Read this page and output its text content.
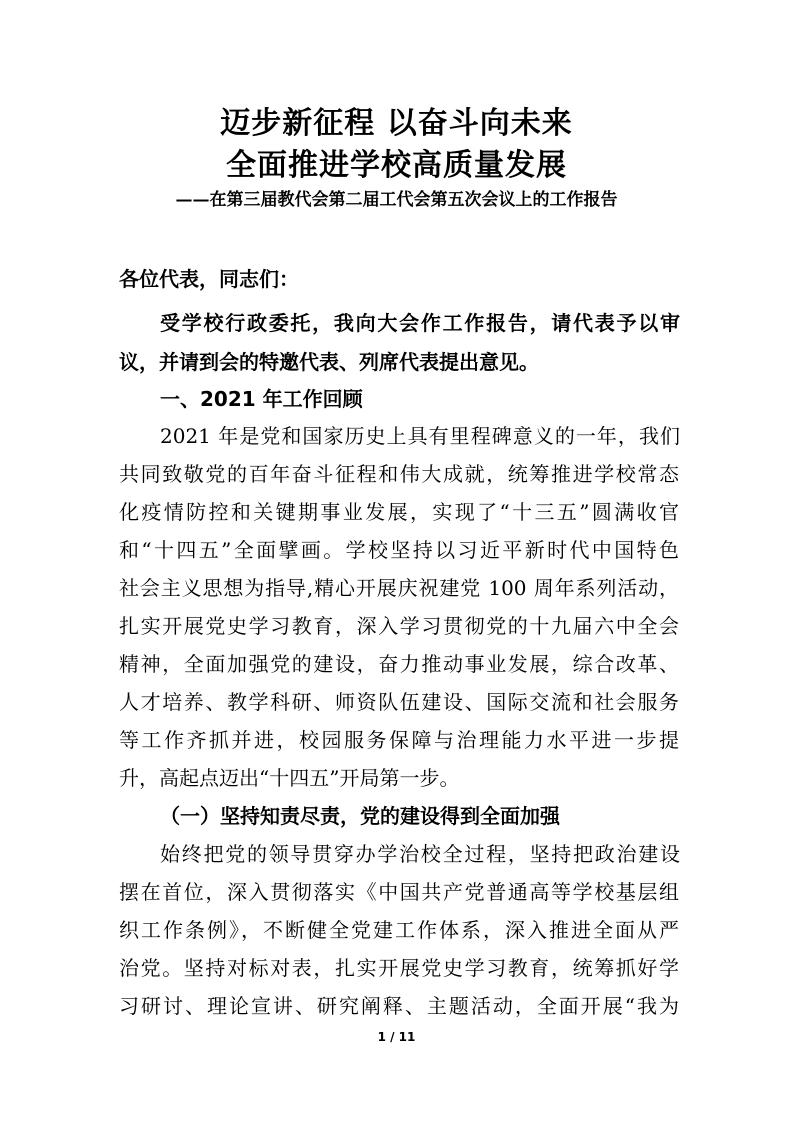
迈步新征程 以奋斗向未来
全面推进学校高质量发展
——在第三届教代会第二届工代会第五次会议上的工作报告
各位代表，同志们：
受学校行政委托，我向大会作工作报告，请代表予以审
议，并请到会的特邀代表、列席代表提出意见。
一、2021 年工作回顾
2021 年是党和国家历史上具有里程碑意义的一年，我们
共同致敬党的百年奋斗征程和伟大成就，统筹推进学校常态
化疫情防控和关键期事业发展，实现了“十三五”圆满收官
和“十四五”全面擘画。学校坚持以习近平新时代中国特色
社会主义思想为指导,精心开展庆祝建党 100 周年系列活动，
扎实开展党史学习教育，深入学习贯彻党的十九届六中全会
精神，全面加强党的建设，奋力推动事业发展，综合改革、
人才培养、教学科研、师资队伍建设、国际交流和社会服务
等工作齐抓并进，校园服务保障与治理能力水平进一步提
升，高起点迈出“十四五”开局第一步。
（一）坚持知责尽责，党的建设得到全面加强
始终把党的领导贯穿办学治校全过程，坚持把政治建设
摆在首位，深入贯彻落实《中国共产党普通高等学校基层组
织工作条例》，不断健全党建工作体系，深入推进全面从严
治党。坚持对标对表，扎实开展党史学习教育，统筹抓好学
习研讨、理论宣讲、研究阐释、主题活动，全面开展“我为
1 / 11
